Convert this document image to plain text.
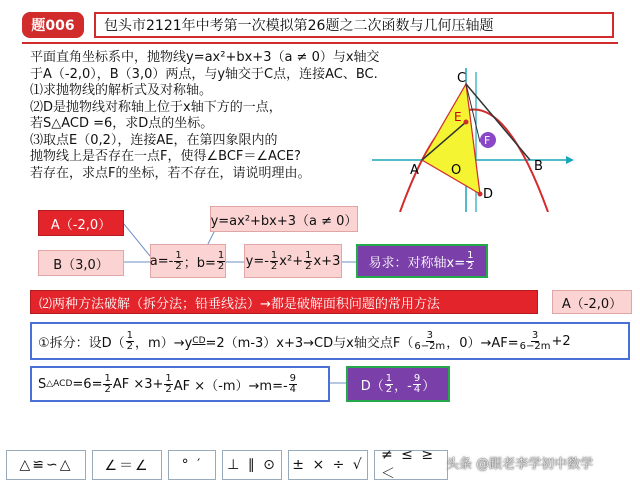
题006	包头市2121年中考第一次模拟第26题之二次函数与几何压轴题
平面直角坐标系中，抛物线y=ax²+bx+3（a ≠ 0）与x轴交
于A（-2,0），B（3,0）两点，与y轴交于C点，连接AC、BC.
⑴求抛物线的解析式及对称轴。
⑵D是抛物线对称轴上位于x轴下方的一点，
若S△ACD =6，求D点的坐标。
⑶取点E（0,2），连接AE，在第四象限内的
抛物线上是否存在一点F，使得∠BCF＝∠ACE?
若存在，求点F的坐标，若不存在，请说明理由。
C
E
F
A O	B
D
A（-2,0）
B（3,0）
y=ax²+bx+3（a ≠ 0）
$a=- \frac{1}{2}$ ；$b= \frac{1}{2} y=- \frac{1}{2} x^2+ \frac{1}{2} x+3$ 易求：对称轴$x= \frac{1}{2}$
⑵两种方法破解（拆分法；铅垂线法）→都是破解面积问题的常用方法	A（-2,0）
①拆分：设$D( \frac{1}{2}$ ，m）→y CD =2（m-3）x+3→CD与x轴交点$F( \frac{3}{6-2m}$ ，$0)\to AF= \frac{3}{6-2m} +2$
S △ACD $=6= \frac{1}{2}$ AF $\times 3+ \frac{1}{2}$ AF $\times(-m)\to m=- \frac{9}{4}$	$D( \frac{1}{2}$ ，- $\frac{9}{4}$ ）
△≌∽△	∠＝∠	° ′	⊥ ∥ ⊙	± × ÷ √
≠ ≤ ≥ ＜
头条 @跟老李学初中数学
